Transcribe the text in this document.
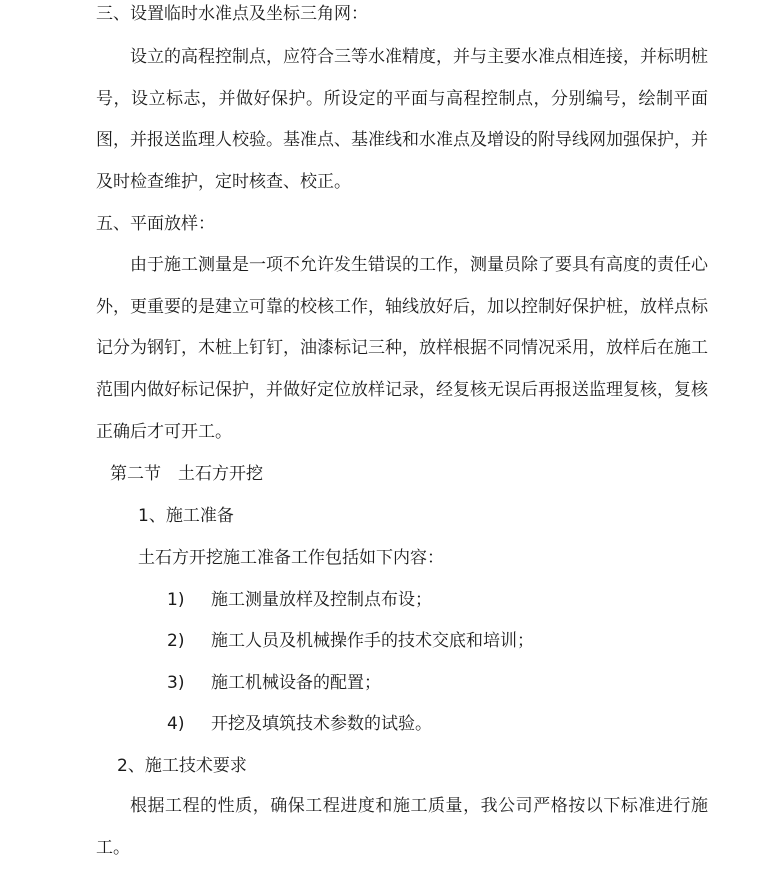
三、设置临时水准点及坐标三角网：

设立的高程控制点，应符合三等水准精度，并与主要水准点相连接，并标明桩号，设立标志，并做好保护。所设定的平面与高程控制点，分别编号，绘制平面图，并报送监理人校验。基准点、基准线和水准点及增设的附导线网加强保护，并及时检查维护，定时核查、校正。

五、平面放样：

由于施工测量是一项不允许发生错误的工作，测量员除了要具有高度的责任心外，更重要的是建立可靠的校核工作，轴线放好后，加以控制好保护桩，放样点标记分为钢钉，木桩上钉钉，油漆标记三种，放样根据不同情况采用，放样后在施工范围内做好标记保护，并做好定位放样记录，经复核无误后再报送监理复核，复核正确后才可开工。

第二节　土石方开挖
1、施工准备
土石方开挖施工准备工作包括如下内容：
1) 施工测量放样及控制点布设；
2) 施工人员及机械操作手的技术交底和培训；
3) 施工机械设备的配置；
4) 开挖及填筑技术参数的试验。
2、施工技术要求

根据工程的性质，确保工程进度和施工质量，我公司严格按以下标准进行施工。
